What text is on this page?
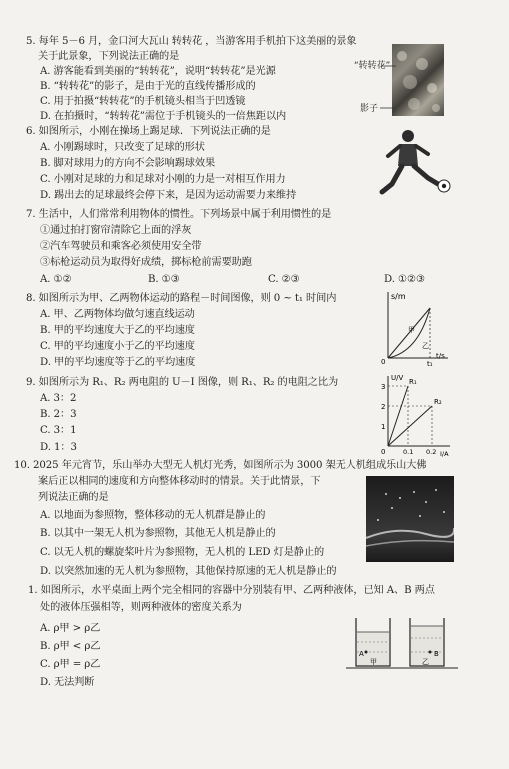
5. 每年 5－6 月，金口河大瓦山 转转花 ，当游客用手机拍下这美丽的景象
关于此景象，下列说法正确的是
A. 游客能看到美丽的“转转花”，说明“转转花”是光源
B. “转转花”的影子，是由于光的直线传播形成的
C. 用于拍摄“转转花”的手机镜头相当于凹透镜
D. 在拍摄时，“转转花”需位于手机镜头的一倍焦距以内
“转转花”
影子
6. 如图所示，小刚在操场上踢足球．下列说法正确的是
A. 小刚踢球时，只改变了足球的形状
B. 脚对球用力的方向不会影响踢球效果
C. 小刚对足球的力和足球对小刚的力是一对相互作用力
D. 踢出去的足球最终会停下来，是因为运动需要力来维持
7. 生活中，人们常常利用物体的惯性。下列场景中属于利用惯性的是
①通过拍打窗帘清除它上面的浮灰
②汽车驾驶员和乘客必须使用安全带
③标枪运动员为取得好成绩，掷标枪前需要助跑
A. ①②	B. ①③	C. ②③	D. ①②③
8. 如图所示为甲、乙两物体运动的路程－时间图像，则 0 ~ t₁ 时间内
A. 甲、乙两物体均做匀速直线运动
B. 甲的平均速度大于乙的平均速度
C. 甲的平均速度小于乙的平均速度
D. 甲的平均速度等于乙的平均速度
s/m
t/s
0	t₁
甲
乙
9. 如图所示为 R₁、R₂ 两电阻的 U－I 图像，则 R₁、R₂ 的电阻之比为
A. 3：2
B. 2：3
C. 3：1
D. 1：3
U/V
I/A
3
2
1
0	0.1 0.2
R₁
R₂
10. 2025 年元宵节，乐山举办大型无人机灯光秀，如图所示为 3000 架无人机组成乐山大佛
案后正以相同的速度和方向整体移动时的情景。关于此情景，下
列说法正确的是
A. 以地面为参照物，整体移动的无人机群是静止的
B. 以其中一架无人机为参照物，其他无人机是静止的
C. 以无人机的螺旋桨叶片为参照物，无人机的 LED 灯是静止的
D. 以突然加速的无人机为参照物，其他保持原速的无人机是静止的
1. 如图所示，水平桌面上两个完全相同的容器中分别装有甲、乙两种液体，已知 A、B 两点
处的液体压强相等，则两种液体的密度关系为
A. ρ甲 > ρ乙
B. ρ甲 < ρ乙
C. ρ甲 = ρ乙
D. 无法判断
A	B
甲	乙
